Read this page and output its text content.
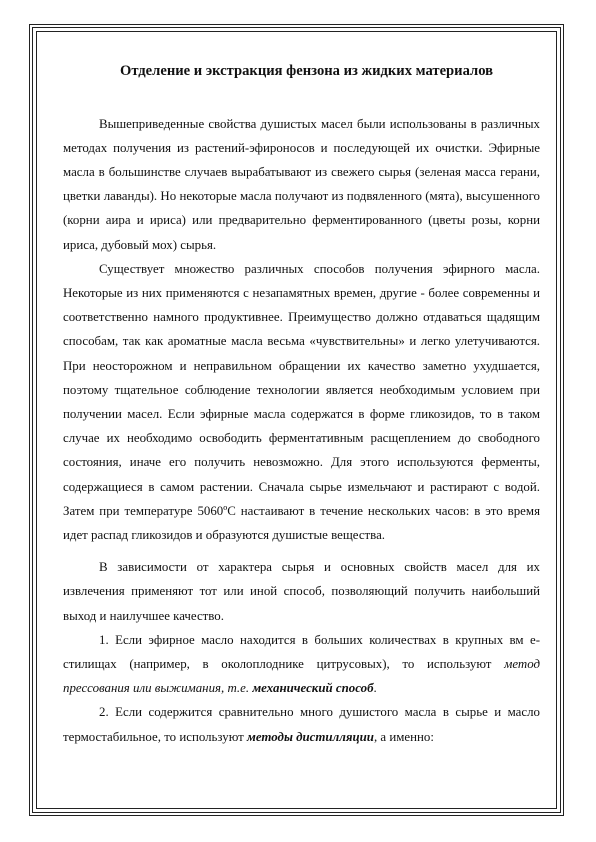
Отделение и экстракция фензона из жидких материалов

Вышеприведенные свойства душистых масел были использованы в различных методах получения из растений-эфироносов и последующей их очистки. Эфирные масла в большинстве случаев вырабатывают из свежего сырья (зеленая масса герани, цветки лаванды). Но некоторые масла получают из подвяленного (мята), высушенного (корни аира и ириса) или предварительно ферментированного (цветы розы, корни ириса, дубовый мох) сырья.

Существует множество различных способов получения эфирного масла. Некоторые из них применяются с незапамятных времен, другие - более современны и соответственно намного продуктивнее. Преимущество должно отдаваться щадящим способам, так как ароматные масла весьма «чувствительны» и легко улетучиваются. При неосторожном и неправильном обращении их качество заметно ухудшается, поэтому тщательное соблюдение технологии является необходимым условием при получении масел. Если эфирные масла содержатся в форме гликозидов, то в таком случае их необходимо освободить ферментативным расщеплением до свободного состояния, иначе его получить невозможно. Для этого используются ферменты, содержащиеся в самом растении. Сначала сырье измельчают и растирают с водой. Затем при температуре 5060ºС настаивают в течение нескольких часов: в это время идет распад гликозидов и образуются душистые вещества.

В зависимости от характера сырья и основных свойств масел для их извлечения применяют тот или иной способ, позволяющий получить наибольший выход и наилучшее качество.

1. Если эфирное масло находится в больших количествах в крупных вм е-стилищах (например, в околоплоднике цитрусовых), то используют метод прессования или выжимания, т.е. механический способ.

2. Если содержится сравнительно много душистого масла в сырье и масло термостабильное, то используют методы дистилляции, а именно:
